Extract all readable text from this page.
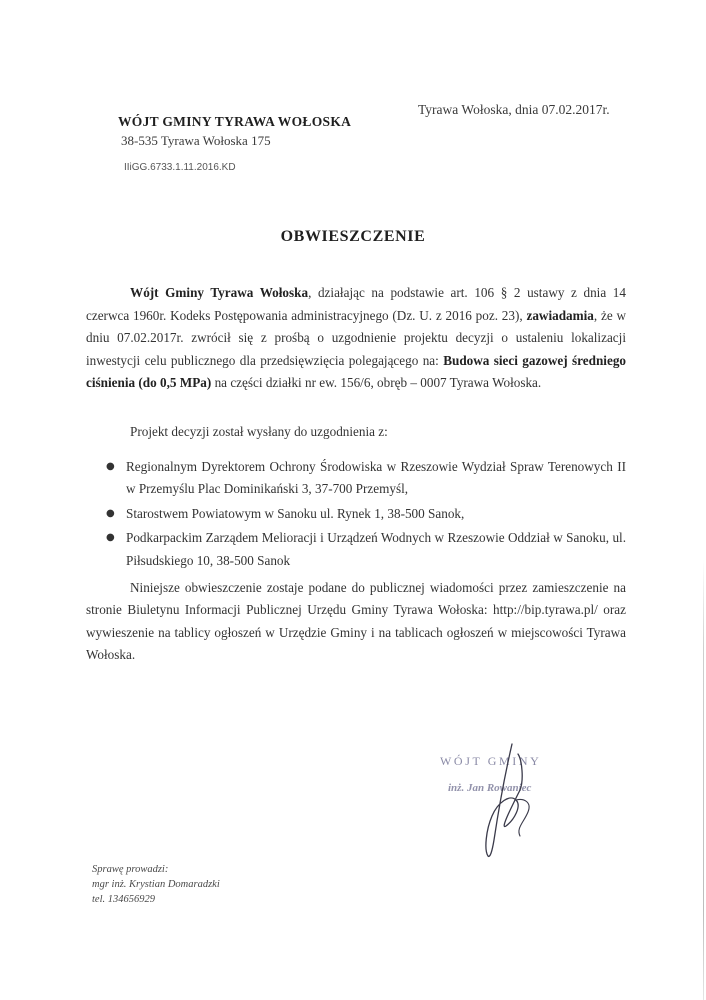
Tyrawa Wołoska, dnia 07.02.2017r.
WÓJT GMINY TYRAWA WOŁOSKA
38-535 Tyrawa Wołoska 175
IIiGG.6733.1.11.2016.KD
OBWIESZCZENIE

Wójt Gminy Tyrawa Wołoska, działając na podstawie art. 106 § 2 ustawy z dnia 14 czerwca 1960r. Kodeks Postępowania administracyjnego (Dz. U. z 2016 poz. 23), zawiadamia, że w dniu 07.02.2017r. zwrócił się z prośbą o uzgodnienie projektu decyzji o ustaleniu lokalizacji inwestycji celu publicznego dla przedsięwzięcia polegającego na: Budowa sieci gazowej średniego ciśnienia (do 0,5 MPa) na części działki nr ew. 156/6, obręb – 0007 Tyrawa Wołoska.

Projekt decyzji został wysłany do uzgodnienia z:

● Regionalnym Dyrektorem Ochrony Środowiska w Rzeszowie Wydział Spraw Terenowych II w Przemyślu Plac Dominikański 3, 37-700 Przemyśl,
● Starostwem Powiatowym w Sanoku ul. Rynek 1, 38-500 Sanok,
● Podkarpackim Zarządem Melioracji i Urządzeń Wodnych w Rzeszowie Oddział w Sanoku, ul. Piłsudskiego 10, 38-500 Sanok

Niniejsze obwieszczenie zostaje podane do publicznej wiadomości przez zamieszczenie na stronie Biuletynu Informacji Publicznej Urzędu Gminy Tyrawa Wołoska: http://bip.tyrawa.pl/ oraz wywieszenie na tablicy ogłoszeń w Urzędzie Gminy i na tablicach ogłoszeń w miejscowości Tyrawa Wołoska.

WÓJT GMINY
inż. Jan Rowaniec
Sprawę prowadzi:
mgr inż. Krystian Domaradzki
tel. 134656929
